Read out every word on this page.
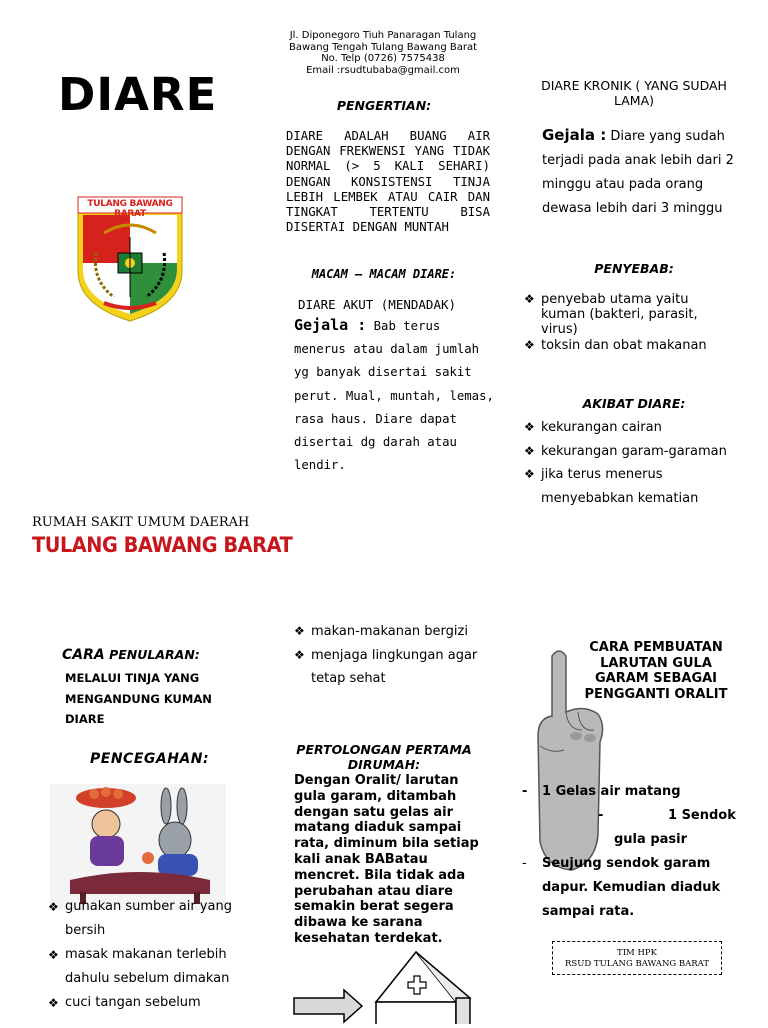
DIARE
Jl. Diponegoro Tiuh Panaragan Tulang
Bawang Tengah Tulang Bawang Barat
No. Telp (0726) 7575438
Email :rsudtubaba@gmail.com
TULANG BAWANG BARAT
RUMAH SAKIT UMUM DAERAH
TULANG BAWANG BARAT
PENGERTIAN:
DIARE ADALAH BUANG AIR DENGAN FREKWENSI YANG TIDAK NORMAL (> 5 KALI SEHARI) DENGAN KONSISTENSI TINJA LEBIH LEMBEK ATAU CAIR DAN TINGKAT TERTENTU BISA DISERTAI DENGAN MUNTAH
MACAM – MACAM DIARE:
DIARE AKUT (MENDADAK)
Gejala : Bab terus menerus atau dalam jumlah yg banyak disertai sakit perut. Mual, muntah, lemas, rasa haus. Diare dapat disertai dg darah atau lendir.
DIARE KRONIK ( YANG SUDAH LAMA)
Gejala : Diare yang sudah terjadi pada anak lebih dari 2 minggu atau pada orang dewasa lebih dari 3 minggu
PENYEBAB:
❖ penyebab utama yaitu kuman (bakteri, parasit, virus)
❖ toksin dan obat makanan
AKIBAT DIARE:
❖ kekurangan cairan
❖ kekurangan garam-garaman
❖ jika terus menerus menyebabkan kematian
CARA PENULARAN:
MELALUI TINJA YANG MENGANDUNG KUMAN DIARE
PENCEGAHAN:
❖ gunakan sumber air yang bersih
❖ masak makanan terlebih dahulu sebelum dimakan
❖ cuci tangan sebelum
❖ makan-makanan bergizi
❖ menjaga lingkungan agar tetap sehat
PERTOLONGAN PERTAMA DIRUMAH:
Dengan Oralit/ larutan gula garam, ditambah dengan satu gelas air matang diaduk sampai rata, diminum bila setiap kali anak BABatau mencret. Bila tidak ada perubahan atau diare semakin berat segera dibawa ke sarana kesehatan terdekat.
CARA PEMBUATAN LARUTAN GULA GARAM SEBAGAI PENGGANTI ORALIT
- 1 Gelas air matang
-	1 Sendok gula pasir
- Seujung sendok garam dapur. Kemudian diaduk sampai rata.
TIM HPK
RSUD TULANG BAWANG BARAT
